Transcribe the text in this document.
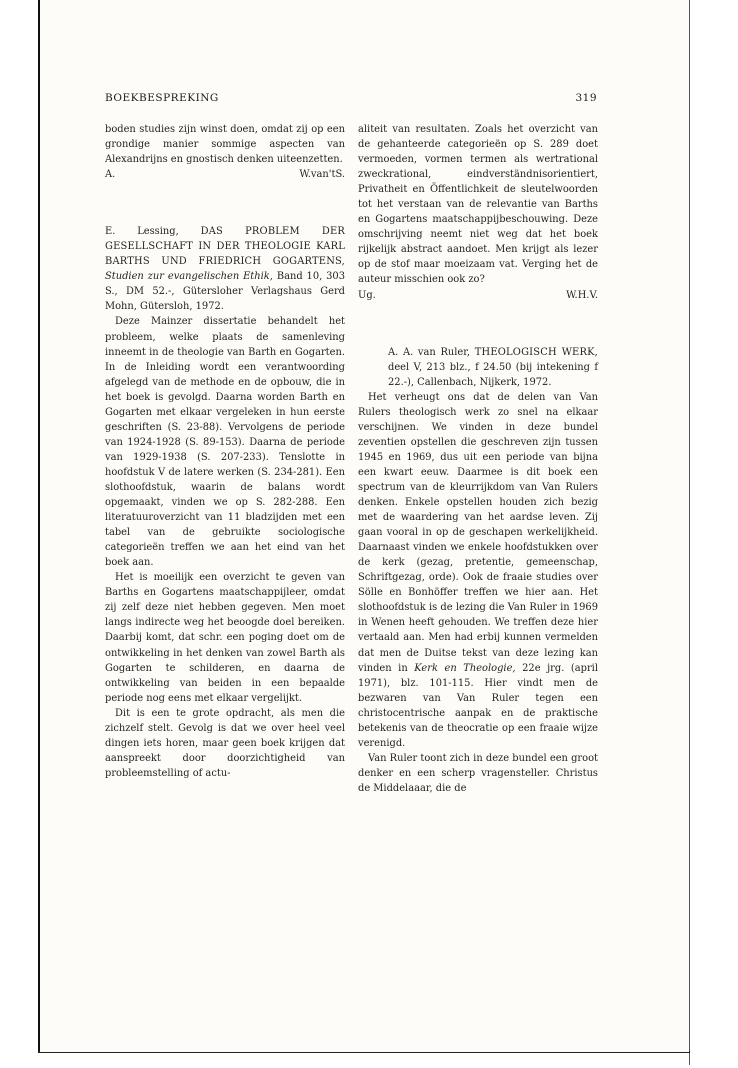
BOEKBESPREKING	319

boden studies zijn winst doen, omdat zij op een grondige manier sommige aspecten van Alexandrijns en gnostisch denken uiteenzetten.

A.	W.van'tS.

E. Lessing, DAS PROBLEM DER GESELLSCHAFT IN DER THEOLOGIE KARL BARTHS UND FRIEDRICH GOGARTENS, Studien zur evangelischen Ethik, Band 10, 303 S., DM 52.-, Gütersloher Verlagshaus Gerd Mohn, Gütersloh, 1972.

Deze Mainzer dissertatie behandelt het probleem, welke plaats de samenleving inneemt in de theologie van Barth en Gogarten. In de Inleiding wordt een verantwoording afgelegd van de methode en de opbouw, die in het boek is gevolgd. Daarna worden Barth en Gogarten met elkaar vergeleken in hun eerste geschriften (S. 23-88). Vervolgens de periode van 1924-1928 (S. 89-153). Daarna de periode van 1929-1938 (S. 207-233). Tenslotte in hoofdstuk V de latere werken (S. 234-281). Een slothoofdstuk, waarin de balans wordt opgemaakt, vinden we op S. 282-288. Een literatuuroverzicht van 11 bladzijden met een tabel van de gebruikte sociologische categorieën treffen we aan het eind van het boek aan.

Het is moeilijk een overzicht te geven van Barths en Gogartens maatschappijleer, omdat zij zelf deze niet hebben gegeven. Men moet langs indirecte weg het beoogde doel bereiken. Daarbij komt, dat schr. een poging doet om de ontwikkeling in het denken van zowel Barth als Gogarten te schilderen, en daarna de ontwikkeling van beiden in een bepaalde periode nog eens met elkaar vergelijkt.

Dit is een te grote opdracht, als men die zichzelf stelt. Gevolg is dat we over heel veel dingen iets horen, maar geen boek krijgen dat aanspreekt door doorzichtigheid van probleemstelling of actu-

aliteit van resultaten. Zoals het overzicht van de gehanteerde categorieën op S. 289 doet vermoeden, vormen termen als wertrational zweckrational, eindverständnisorientiert, Privatheit en Öffentlichkeit de sleutelwoorden tot het verstaan van de relevantie van Barths en Gogartens maatschappijbeschouwing. Deze omschrijving neemt niet weg dat het boek rijkelijk abstract aandoet. Men krijgt als lezer op de stof maar moeizaam vat. Verging het de auteur misschien ook zo?

Ug.	W.H.V.

A. A. van Ruler, THEOLOGISCH WERK, deel V, 213 blz., f 24.50 (bij intekening f 22.-), Callenbach, Nijkerk, 1972.

Het verheugt ons dat de delen van Van Rulers theologisch werk zo snel na elkaar verschijnen. We vinden in deze bundel zeventien opstellen die geschreven zijn tussen 1945 en 1969, dus uit een periode van bijna een kwart eeuw. Daarmee is dit boek een spectrum van de kleurrijkdom van Van Rulers denken. Enkele opstellen houden zich bezig met de waardering van het aardse leven. Zij gaan vooral in op de geschapen werkelijkheid. Daarnaast vinden we enkele hoofdstukken over de kerk (gezag, pretentie, gemeenschap, Schriftgezag, orde). Ook de fraaie studies over Sölle en Bonhöffer treffen we hier aan. Het slothoofdstuk is de lezing die Van Ruler in 1969 in Wenen heeft gehouden. We treffen deze hier vertaald aan. Men had erbij kunnen vermelden dat men de Duitse tekst van deze lezing kan vinden in Kerk en Theologie, 22e jrg. (april 1971), blz. 101-115. Hier vindt men de bezwaren van Van Ruler tegen een christocentrische aanpak en de praktische betekenis van de theocratie op een fraaie wijze verenigd.

Van Ruler toont zich in deze bundel een groot denker en een scherp vragensteller. Christus de Middelaaar, die de
